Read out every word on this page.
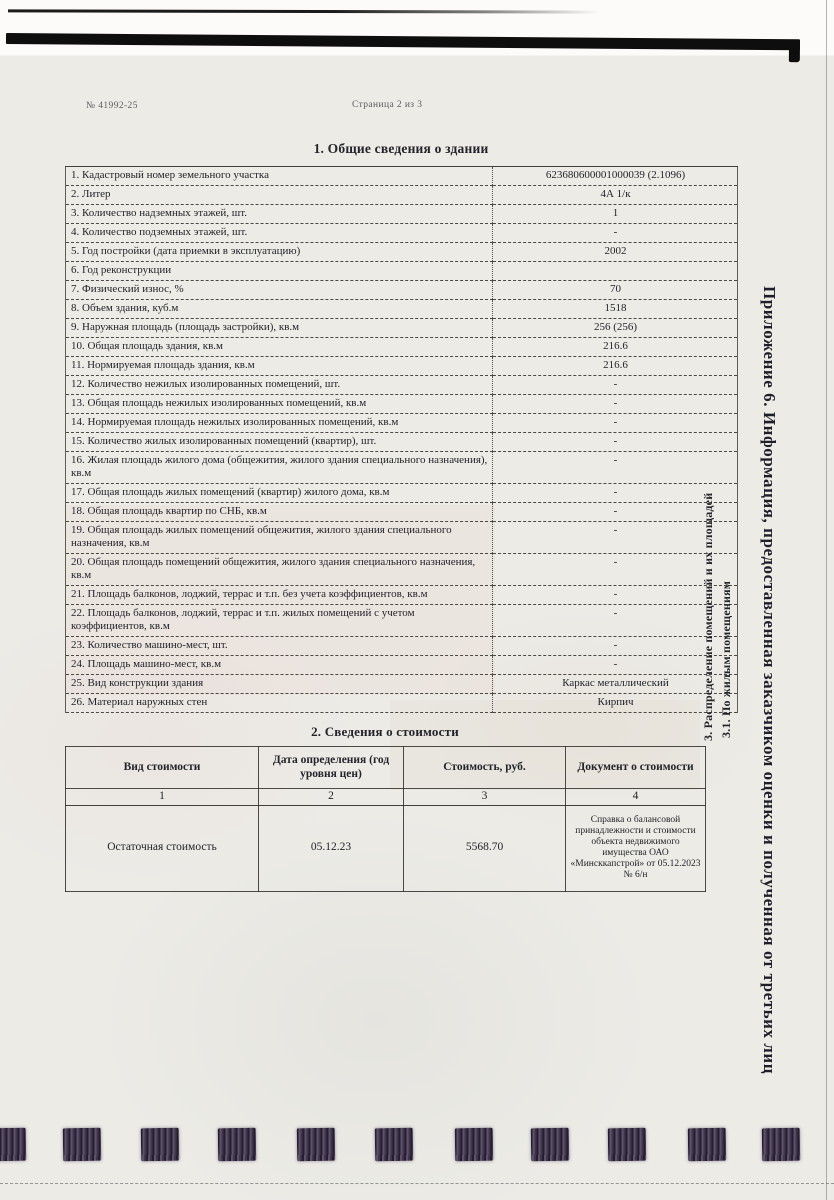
№ 41992-25	Страница 2 из 3
1. Общие сведения о здании
1. Кадастровый номер земельного участка	623680600001000039 (2.1096)
2. Литер	4А 1/к
3. Количество надземных этажей, шт.	1
4. Количество подземных этажей, шт.	-
5. Год постройки (дата приемки в эксплуатацию)	2002
6. Год реконструкции	
7. Физический износ, %	70
8. Объем здания, куб.м	1518
9. Наружная площадь (площадь застройки), кв.м	256 (256)
10. Общая площадь здания, кв.м	216.6
11. Нормируемая площадь здания, кв.м	216.6
12. Количество нежилых изолированных помещений, шт.	-
13. Общая площадь нежилых изолированных помещений, кв.м	-
14. Нормируемая площадь нежилых изолированных помещений, кв.м	-
15. Количество жилых изолированных помещений (квартир), шт.	-
16. Жилая площадь жилого дома (общежития, жилого здания специального назначения), кв.м	-
17. Общая площадь жилых помещений (квартир) жилого дома, кв.м	-
18. Общая площадь квартир по СНБ, кв.м	-
19. Общая площадь жилых помещений общежития, жилого здания специального назначения, кв.м	-
20. Общая площадь помещений общежития, жилого здания специального назначения, кв.м	-
21. Площадь балконов, лоджий, террас и т.п. без учета коэффициентов, кв.м	-
22. Площадь балконов, лоджий, террас и т.п. жилых помещений с учетом коэффициентов, кв.м	-
23. Количество машино-мест, шт.	-
24. Площадь машино-мест, кв.м	-
25. Вид конструкции здания	Каркас металлический
26. Материал наружных стен	Кирпич
2. Сведения о стоимости
Вид стоимости	Дата определения (год уровня цен)	Стоимость, руб.	Документ о стоимости
1	2	3	4
Остаточная стоимость	05.12.23	5568.70	Справка о балансовой принадлежности и стоимости объекта недвижимого имущества ОАО «Минсккапстрой» от 05.12.2023 № 6/н	Приложение 6. Информация, предоставленная заказчиком оценки и полученная от третьих лиц
3. Распределение помещений и их площадей 3.1. По жилым помещениям
